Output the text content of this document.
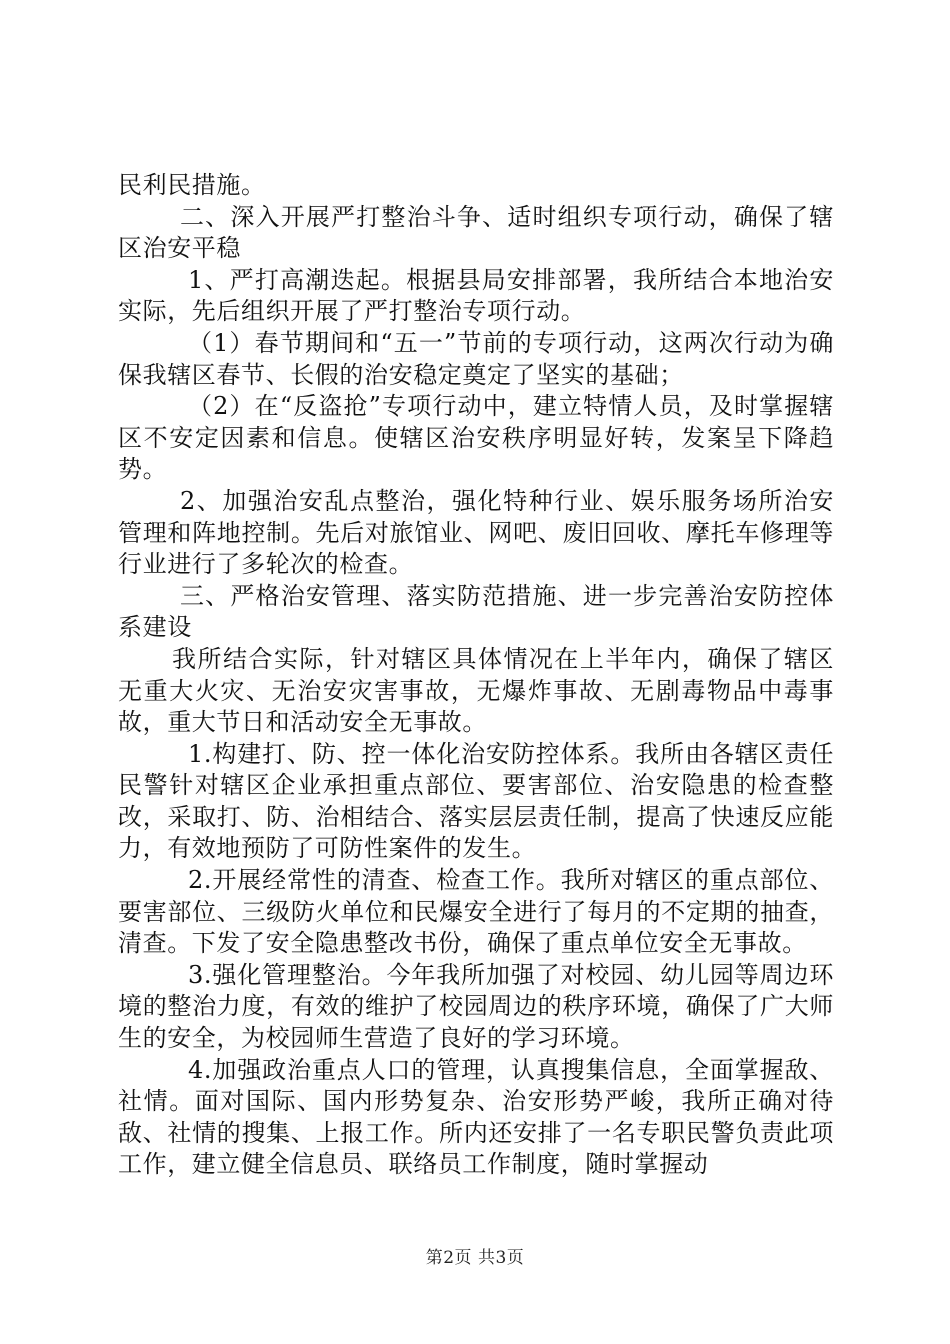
民利民措施。

二、深入开展严打整治斗争、适时组织专项行动，确保了辖区治安平稳

1、严打高潮迭起。根据县局安排部署，我所结合本地治安实际，先后组织开展了严打整治专项行动。

（1）春节期间和“五一”节前的专项行动，这两次行动为确保我辖区春节、长假的治安稳定奠定了坚实的基础；

（2）在“反盗抢”专项行动中，建立特情人员，及时掌握辖区不安定因素和信息。使辖区治安秩序明显好转，发案呈下降趋势。

2、加强治安乱点整治，强化特种行业、娱乐服务场所治安管理和阵地控制。先后对旅馆业、网吧、废旧回收、摩托车修理等行业进行了多轮次的检查。

三、严格治安管理、落实防范措施、进一步完善治安防控体系建设

我所结合实际，针对辖区具体情况在上半年内，确保了辖区无重大火灾、无治安灾害事故，无爆炸事故、无剧毒物品中毒事故，重大节日和活动安全无事故。

1.构建打、防、控一体化治安防控体系。我所由各辖区责任民警针对辖区企业承担重点部位、要害部位、治安隐患的检查整改，采取打、防、治相结合、落实层层责任制，提高了快速反应能力，有效地预防了可防性案件的发生。

2.开展经常性的清查、检查工作。我所对辖区的重点部位、要害部位、三级防火单位和民爆安全进行了每月的不定期的抽查，清查。下发了安全隐患整改书份，确保了重点单位安全无事故。

3.强化管理整治。今年我所加强了对校园、幼儿园等周边环境的整治力度，有效的维护了校园周边的秩序环境，确保了广大师生的安全，为校园师生营造了良好的学习环境。

4.加强政治重点人口的管理，认真搜集信息，全面掌握敌、社情。面对国际、国内形势复杂、治安形势严峻，我所正确对待敌、社情的搜集、上报工作。所内还安排了一名专职民警负责此项工作，建立健全信息员、联络员工作制度，随时掌握动

第2页 共3页
